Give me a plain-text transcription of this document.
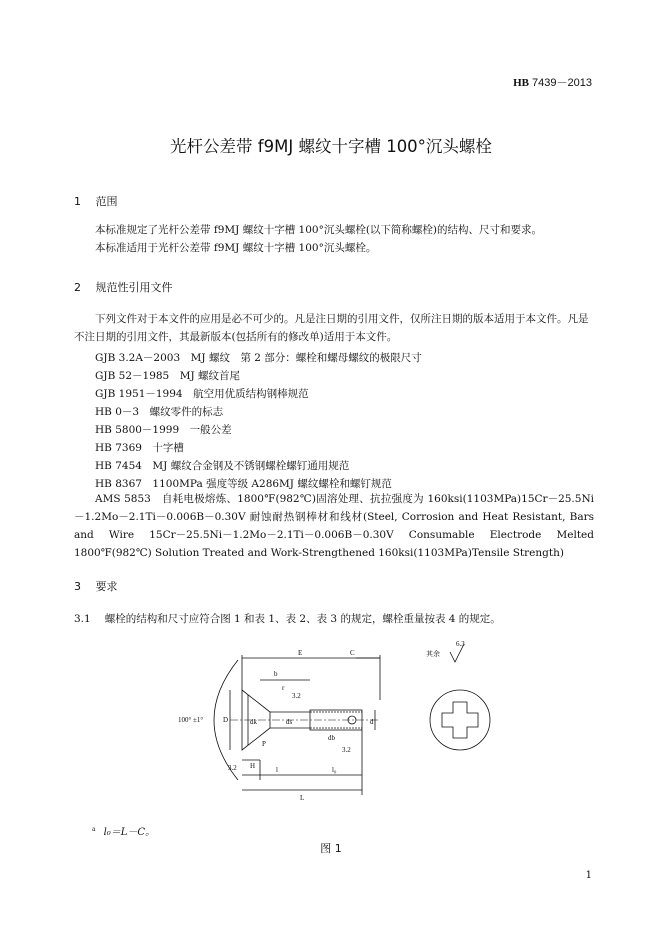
HB 7439－2013
光杆公差带 f9MJ 螺纹十字槽 100°沉头螺栓
1 范围
本标准规定了光杆公差带 f9MJ 螺纹十字槽 100°沉头螺栓(以下简称螺栓)的结构、尺寸和要求。
本标准适用于光杆公差带 f9MJ 螺纹十字槽 100°沉头螺栓。
2 规范性引用文件
下列文件对于本文件的应用是必不可少的。凡是注日期的引用文件，仅所注日期的版本适用于本文件。凡是不注日期的引用文件，其最新版本(包括所有的修改单)适用于本文件。
GJB 3.2A－2003　MJ 螺纹　第 2 部分：螺栓和螺母螺纹的极限尺寸
GJB 52－1985　MJ 螺纹首尾
GJB 1951－1994　航空用优质结构钢棒规范
HB 0－3　螺纹零件的标志
HB 5800－1999　一般公差
HB 7369　十字槽
HB 7454　MJ 螺纹合金钢及不锈钢螺栓螺钉通用规范
HB 8367　1100MPa 强度等级 A286MJ 螺纹螺栓和螺钉规范
AMS 5853　自耗电极熔炼、1800℉(982℃)固溶处理、抗拉强度为 160ksi(1103MPa)15Cr－25.5Ni－1.2Mo－2.1Ti－0.006B－0.30V 耐蚀耐热钢棒材和线材(Steel, Corrosion and Heat Resistant, Bars and Wire 15Cr－25.5Ni－1.2Mo－2.1Ti－0.006B－0.30V Consumable Electrode Melted 1800℉(982℃) Solution Treated and Work-Strengthened 160ksi(1103MPa)Tensile Strength)
3 要求
3.1 螺栓的结构和尺寸应符合图 1 和表 1、表 2、表 3 的规定，螺栓重量按表 4 的规定。
100° ±1°
E	C
b
r
3.2
D	dk	ds	d
db
P
H	l	l₀
L
3.2
3.2
其余
6.3
$^a$ l₀＝L－C。
图 1
1
